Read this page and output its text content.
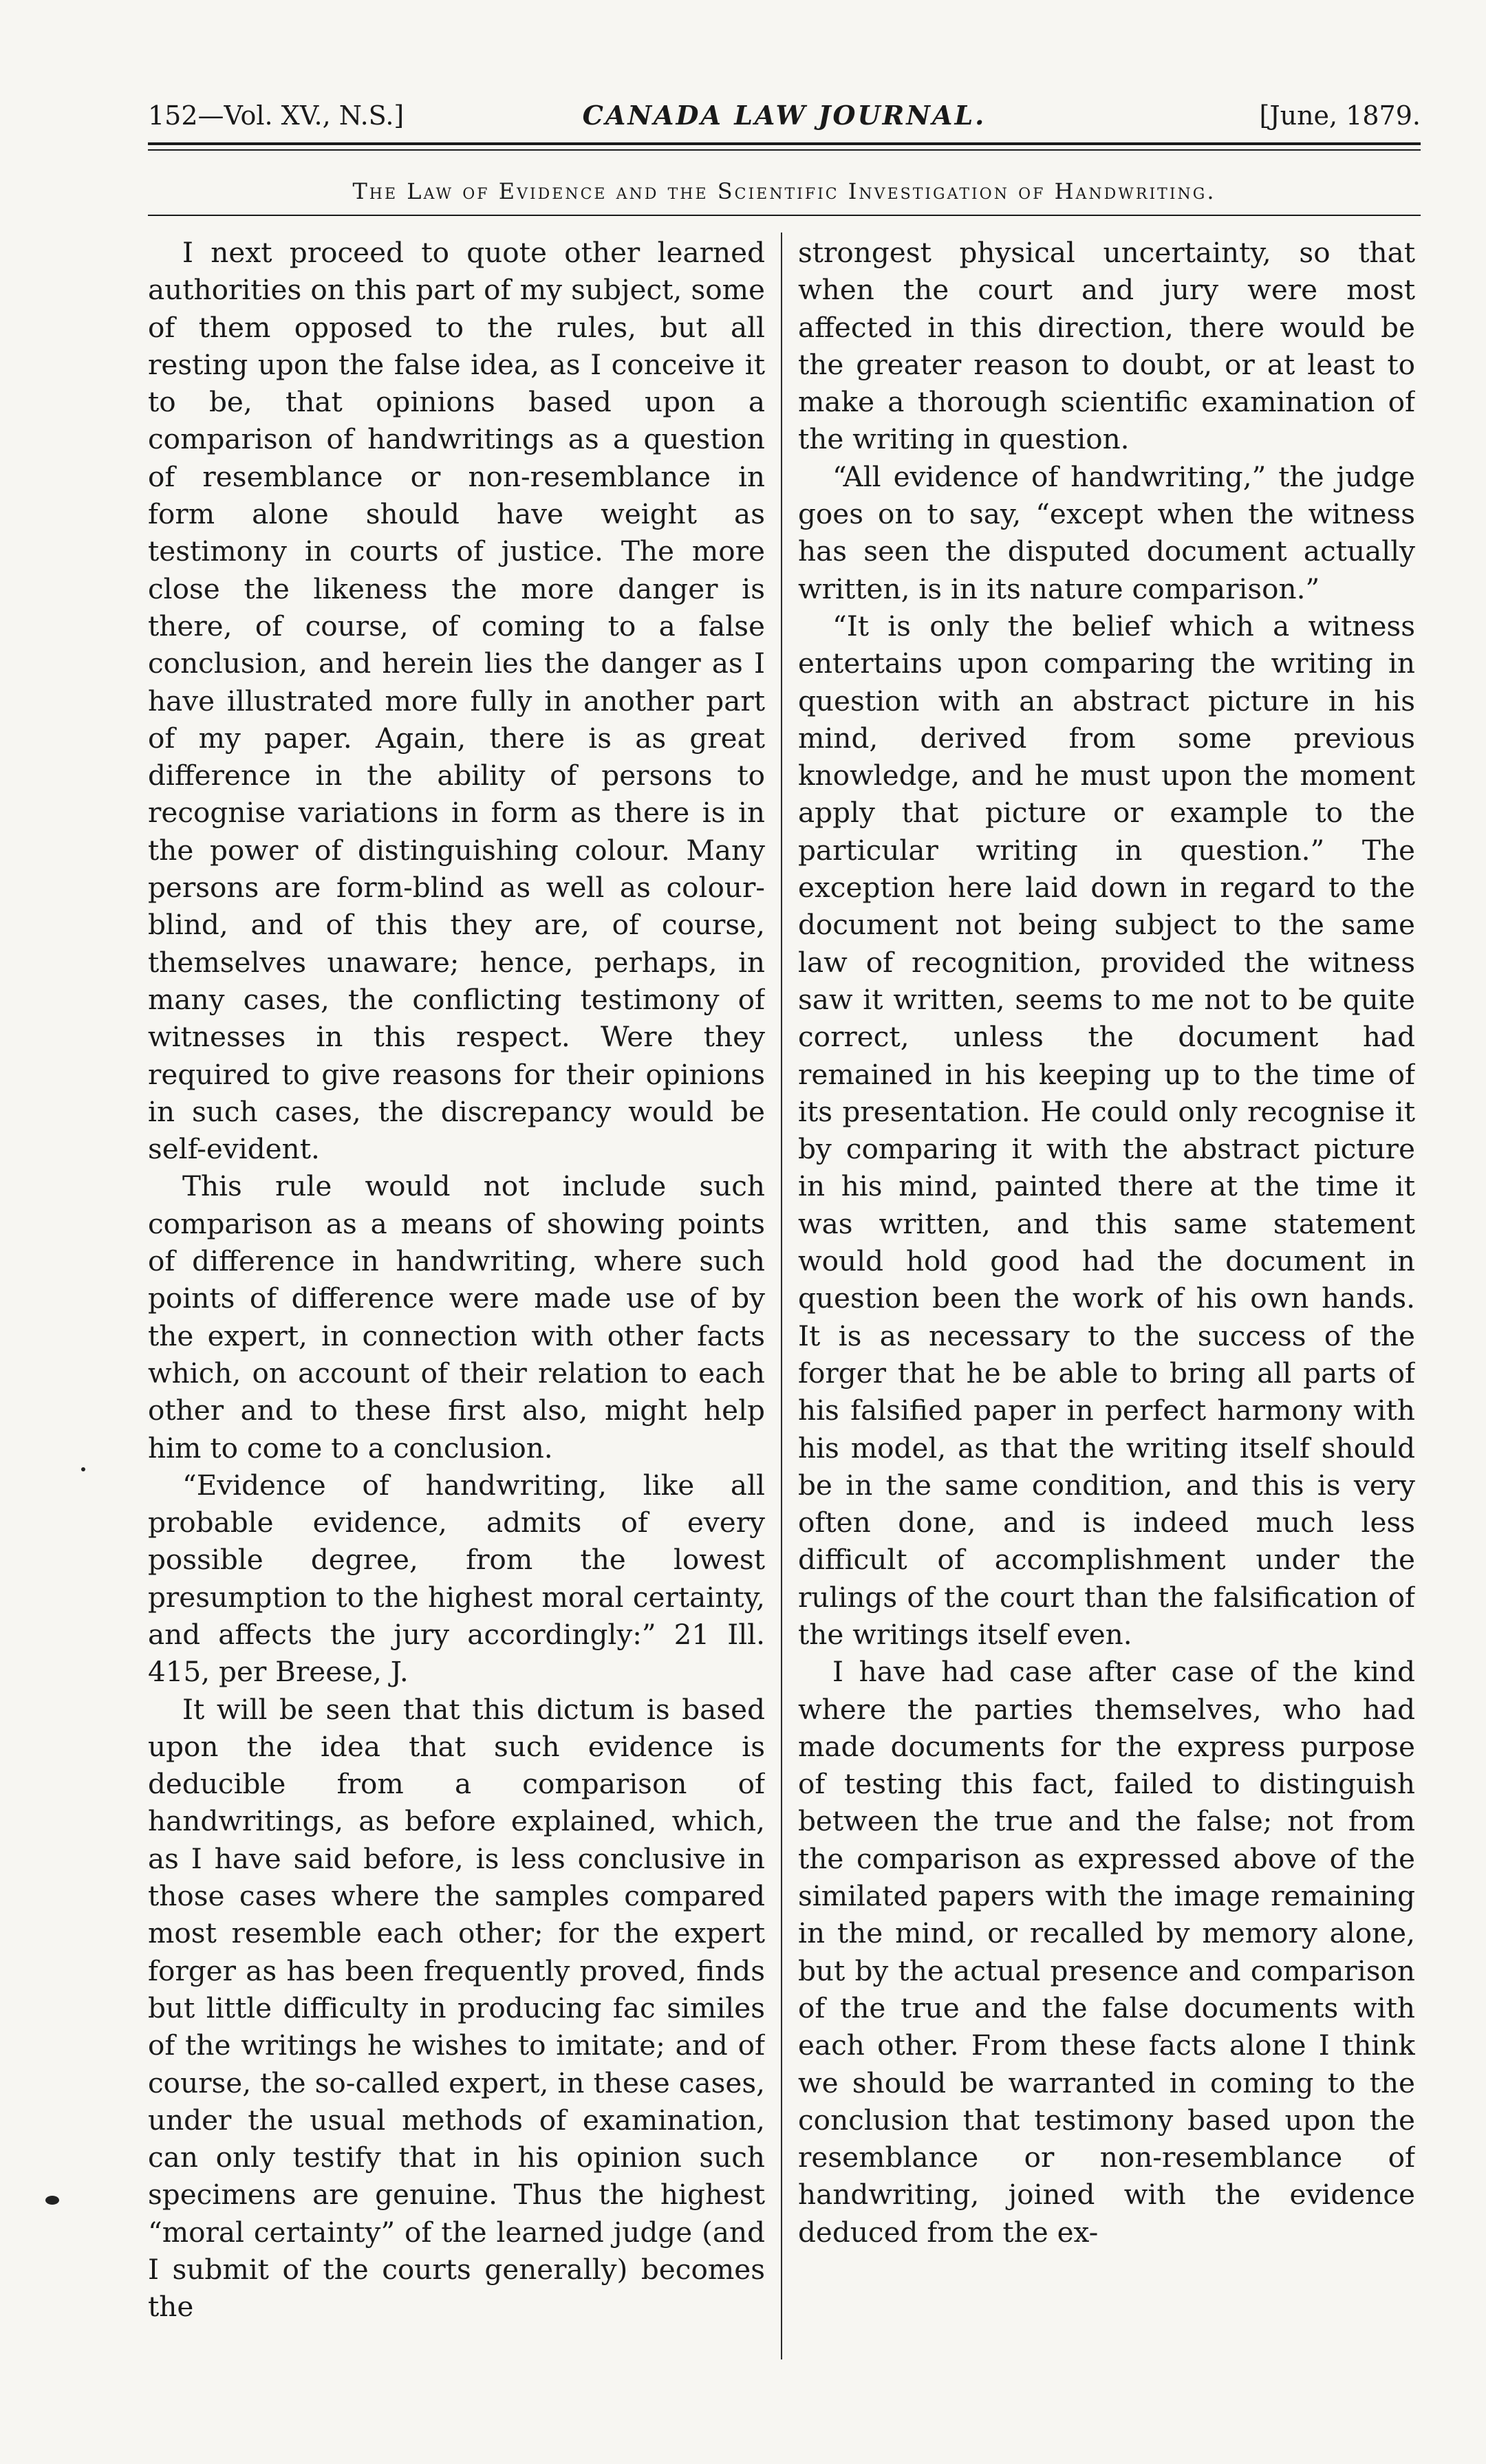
152—Vol. XV., N.S.]	CANADA LAW JOURNAL.	[June, 1879.
The Law of Evidence and the Scientific Investigation of Handwriting.

I next proceed to quote other learned authorities on this part of my subject, some of them opposed to the rules, but all resting upon the false idea, as I conceive it to be, that opinions based upon a comparison of handwritings as a question of resemblance or non-resemblance in form alone should have weight as testimony in courts of justice. The more close the likeness the more danger is there, of course, of coming to a false conclusion, and herein lies the danger as I have illustrated more fully in another part of my paper. Again, there is as great difference in the ability of persons to recognise variations in form as there is in the power of distinguishing colour. Many persons are form-blind as well as colour-blind, and of this they are, of course, themselves unaware; hence, perhaps, in many cases, the conflicting testimony of witnesses in this respect. Were they required to give reasons for their opinions in such cases, the discrepancy would be self-evident.

This rule would not include such comparison as a means of showing points of difference in handwriting, where such points of difference were made use of by the expert, in connection with other facts which, on account of their relation to each other and to these first also, might help him to come to a conclusion.

“Evidence of handwriting, like all probable evidence, admits of every possible degree, from the lowest presumption to the highest moral certainty, and affects the jury accordingly:” 21 Ill. 415, per Breese, J.

It will be seen that this dictum is based upon the idea that such evidence is deducible from a comparison of handwritings, as before explained, which, as I have said before, is less conclusive in those cases where the samples compared most resemble each other; for the expert forger as has been frequently proved, finds but little difficulty in producing fac similes of the writings he wishes to imitate; and of course, the so-called expert, in these cases, under the usual methods of examination, can only testify that in his opinion such specimens are genuine. Thus the highest “moral certainty” of the learned judge (and I submit of the courts generally) becomes the

strongest physical uncertainty, so that when the court and jury were most affected in this direction, there would be the greater reason to doubt, or at least to make a thorough scientific examination of the writing in question.

“All evidence of handwriting,” the judge goes on to say, “except when the witness has seen the disputed document actually written, is in its nature comparison.”

“It is only the belief which a witness entertains upon comparing the writing in question with an abstract picture in his mind, derived from some previous knowledge, and he must upon the moment apply that picture or example to the particular writing in question.” The exception here laid down in regard to the document not being subject to the same law of recognition, provided the witness saw it written, seems to me not to be quite correct, unless the document had remained in his keeping up to the time of its presentation. He could only recognise it by comparing it with the abstract picture in his mind, painted there at the time it was written, and this same statement would hold good had the document in question been the work of his own hands. It is as necessary to the success of the forger that he be able to bring all parts of his falsified paper in perfect harmony with his model, as that the writing itself should be in the same condition, and this is very often done, and is indeed much less difficult of accomplishment under the rulings of the court than the falsification of the writings itself even.

I have had case after case of the kind where the parties themselves, who had made documents for the express purpose of testing this fact, failed to distinguish between the true and the false; not from the comparison as expressed above of the similated papers with the image remaining in the mind, or recalled by memory alone, but by the actual presence and comparison of the true and the false documents with each other. From these facts alone I think we should be warranted in coming to the conclusion that testimony based upon the resemblance or non-resemblance of handwriting, joined with the evidence deduced from the ex-
